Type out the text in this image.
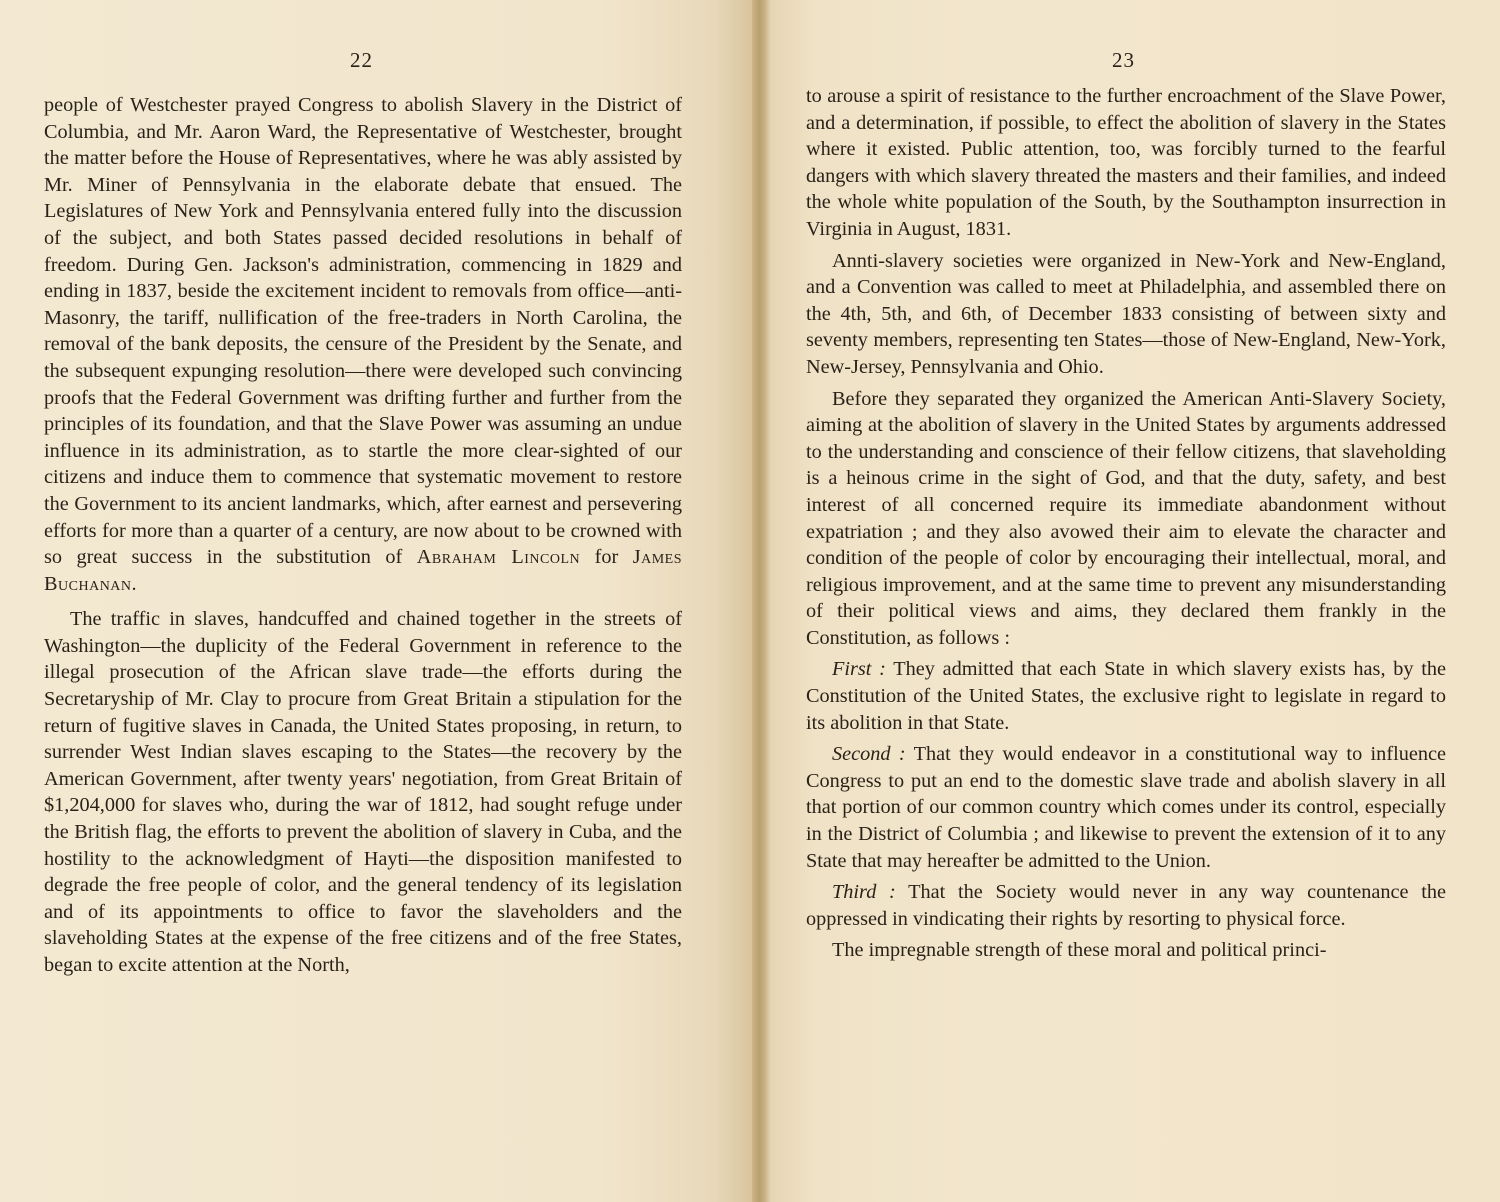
22

people of Westchester prayed Congress to abolish Slavery in the District of Columbia, and Mr. Aaron Ward, the Representative of Westchester, brought the matter before the House of Representatives, where he was ably assisted by Mr. Miner of Pennsylvania in the elaborate debate that ensued. The Legislatures of New York and Pennsylvania entered fully into the discussion of the subject, and both States passed decided resolutions in behalf of freedom. During Gen. Jackson's administration, commencing in 1829 and ending in 1837, beside the excitement incident to removals from office—anti-Masonry, the tariff, nullification of the free-traders in North Carolina, the removal of the bank deposits, the censure of the President by the Senate, and the subsequent expunging resolution—there were developed such convincing proofs that the Federal Government was drifting further and further from the principles of its foundation, and that the Slave Power was assuming an undue influence in its administration, as to startle the more clear-sighted of our citizens and induce them to commence that systematic movement to restore the Government to its ancient landmarks, which, after earnest and persevering efforts for more than a quarter of a century, are now about to be crowned with so great success in the substitution of Abraham Lincoln for James Buchanan.

The traffic in slaves, handcuffed and chained together in the streets of Washington—the duplicity of the Federal Government in reference to the illegal prosecution of the African slave trade—the efforts during the Secretaryship of Mr. Clay to procure from Great Britain a stipulation for the return of fugitive slaves in Canada, the United States proposing, in return, to surrender West Indian slaves escaping to the States—the recovery by the American Government, after twenty years' negotiation, from Great Britain of $1,204,000 for slaves who, during the war of 1812, had sought refuge under the British flag, the efforts to prevent the abolition of slavery in Cuba, and the hostility to the acknowledgment of Hayti—the disposition manifested to degrade the free people of color, and the general tendency of its legislation and of its appointments to office to favor the slaveholders and the slaveholding States at the expense of the free citizens and of the free States, began to excite attention at the North,

23

to arouse a spirit of resistance to the further encroachment of the Slave Power, and a determination, if possible, to effect the abolition of slavery in the States where it existed. Public attention, too, was forcibly turned to the fearful dangers with which slavery threated the masters and their families, and indeed the whole white population of the South, by the Southampton insurrection in Virginia in August, 1831.

Annti-slavery societies were organized in New-York and New-England, and a Convention was called to meet at Philadelphia, and assembled there on the 4th, 5th, and 6th, of December 1833 consisting of between sixty and seventy members, representing ten States—those of New-England, New-York, New-Jersey, Pennsylvania and Ohio.

Before they separated they organized the American Anti-Slavery Society, aiming at the abolition of slavery in the United States by arguments addressed to the understanding and conscience of their fellow citizens, that slaveholding is a heinous crime in the sight of God, and that the duty, safety, and best interest of all concerned require its immediate abandonment without expatriation ; and they also avowed their aim to elevate the character and condition of the people of color by encouraging their intellectual, moral, and religious improvement, and at the same time to prevent any misunderstanding of their political views and aims, they declared them frankly in the Constitution, as follows :

First : They admitted that each State in which slavery exists has, by the Constitution of the United States, the exclusive right to legislate in regard to its abolition in that State.

Second : That they would endeavor in a constitutional way to influence Congress to put an end to the domestic slave trade and abolish slavery in all that portion of our common country which comes under its control, especially in the District of Columbia ; and likewise to prevent the extension of it to any State that may hereafter be admitted to the Union.

Third : That the Society would never in any way countenance the oppressed in vindicating their rights by resorting to physical force.

The impregnable strength of these moral and political princi-
